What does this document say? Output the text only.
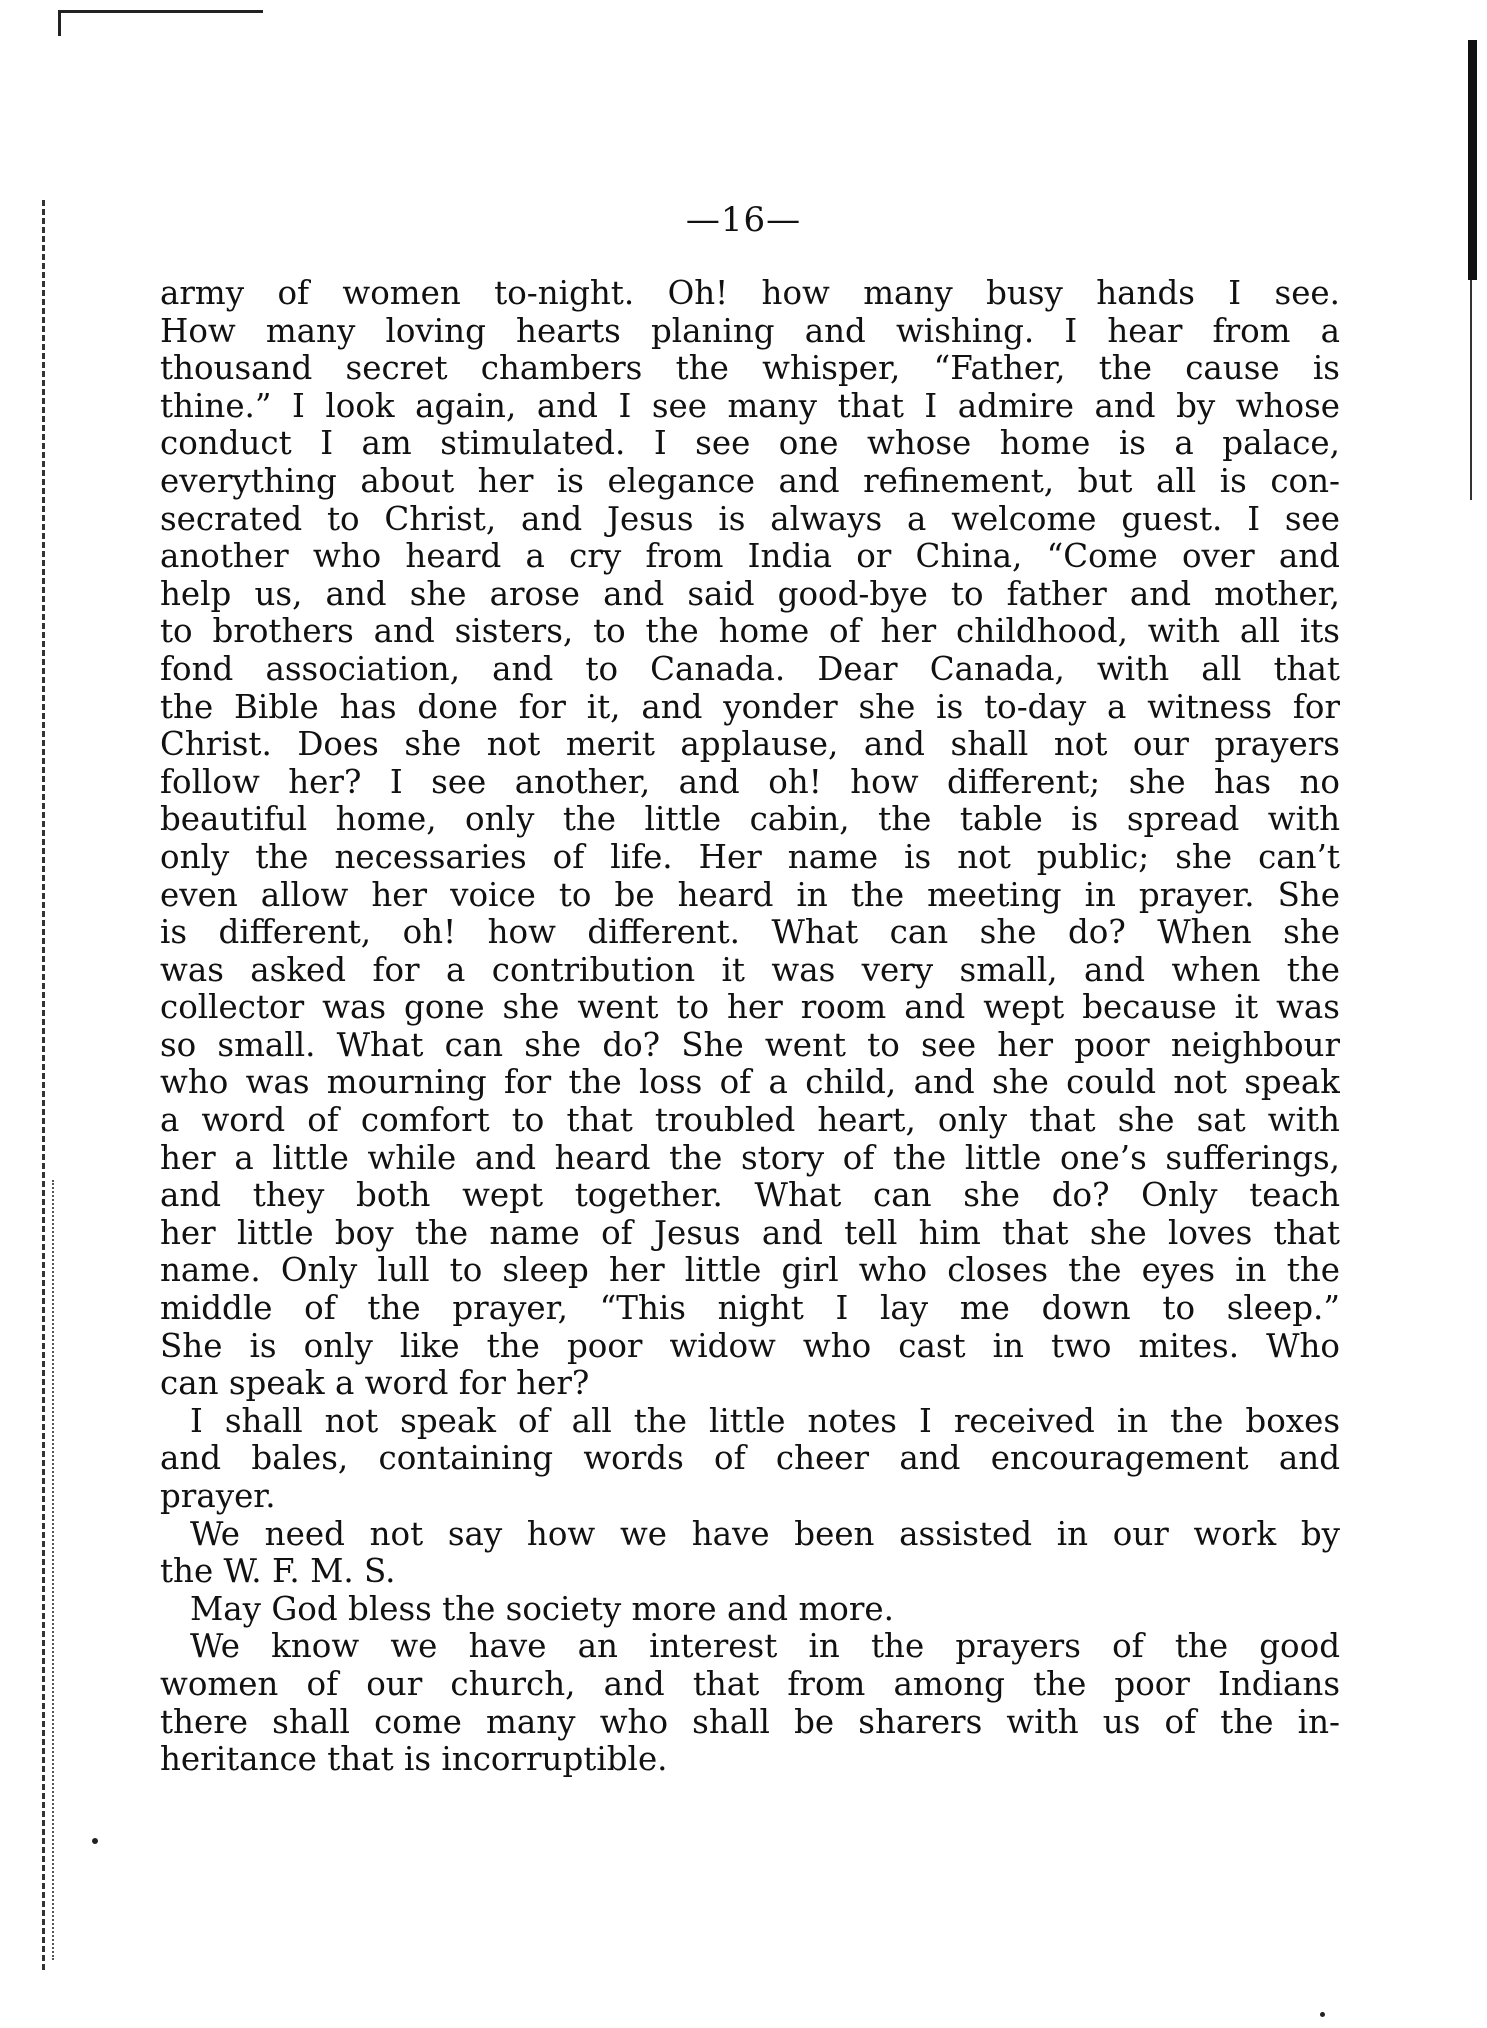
—16—
army of women to-night. Oh! how many busy hands I see.
How many loving hearts planing and wishing. I hear from a
thousand secret chambers the whisper, “Father, the cause is
thine.” I look again, and I see many that I admire and by whose
conduct I am stimulated. I see one whose home is a palace,
everything about her is elegance and refinement, but all is con-
secrated to Christ, and Jesus is always a welcome guest. I see
another who heard a cry from India or China, “Come over and
help us, and she arose and said good-bye to father and mother,
to brothers and sisters, to the home of her childhood, with all its
fond association, and to Canada. Dear Canada, with all that
the Bible has done for it, and yonder she is to-day a witness for
Christ. Does she not merit applause, and shall not our prayers
follow her? I see another, and oh! how different; she has no
beautiful home, only the little cabin, the table is spread with
only the necessaries of life. Her name is not public; she can’t
even allow her voice to be heard in the meeting in prayer. She
is different, oh! how different. What can she do? When she
was asked for a contribution it was very small, and when the
collector was gone she went to her room and wept because it was
so small. What can she do? She went to see her poor neighbour
who was mourning for the loss of a child, and she could not speak
a word of comfort to that troubled heart, only that she sat with
her a little while and heard the story of the little one’s sufferings,
and they both wept together. What can she do? Only teach
her little boy the name of Jesus and tell him that she loves that
name. Only lull to sleep her little girl who closes the eyes in the
middle of the prayer, “This night I lay me down to sleep.”
She is only like the poor widow who cast in two mites. Who
can speak a word for her?
I shall not speak of all the little notes I received in the boxes
and bales, containing words of cheer and encouragement and
prayer.
We need not say how we have been assisted in our work by
the W. F. M. S.
May God bless the society more and more.
We know we have an interest in the prayers of the good
women of our church, and that from among the poor Indians
there shall come many who shall be sharers with us of the in-
heritance that is incorruptible.
